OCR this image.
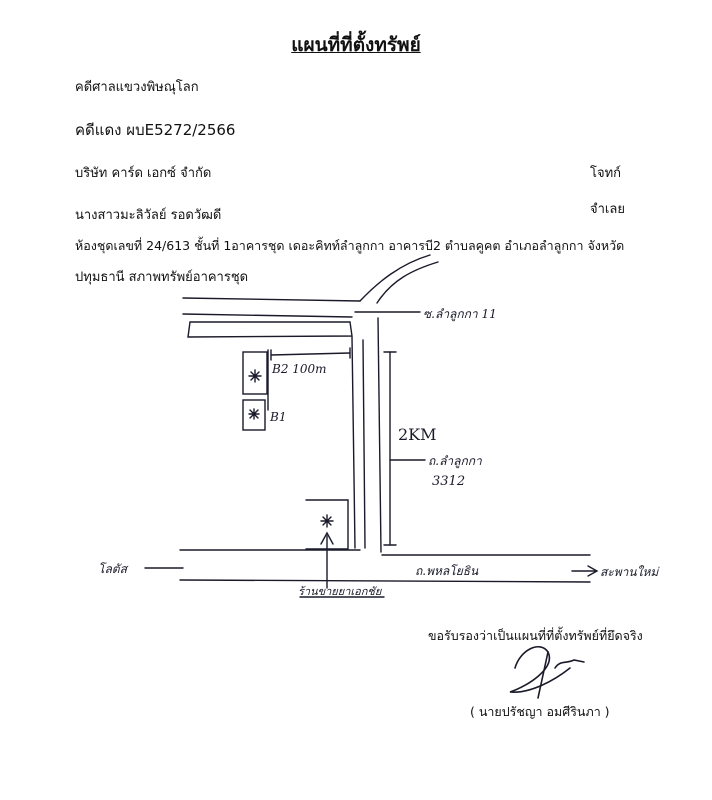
แผนที่ที่ตั้งทรัพย์
คดีศาลแขวงพิษณุโลก
คดีแดง ผบE5272/2566
บริษัท คาร์ด เอกซ์ จำกัด	โจทก์
นางสาวมะลิวัลย์ รอดวัฒดี	จำเลย
ห้องชุดเลขที่ 24/613 ชั้นที่ 1อาคารชุด เดอะคิทท์ลำลูกกา อาคารบี2 ตำบลคูคต อำเภอลำลูกกา จังหวัด
ปทุมธานี สภาพทรัพย์อาคารชุด
ซ.ลำลูกกา 11
B2 100m
B1
2KM
ถ.ลำลูกกา
3312
ถ.พหลโยธิน
โลตัส	สะพานใหม่
ร้านขายยาเอกชัย
ขอรับรองว่าเป็นแผนที่ที่ตั้งทรัพย์ที่ยึดจริง
( นายปรัชญา อมศีรินภา )
